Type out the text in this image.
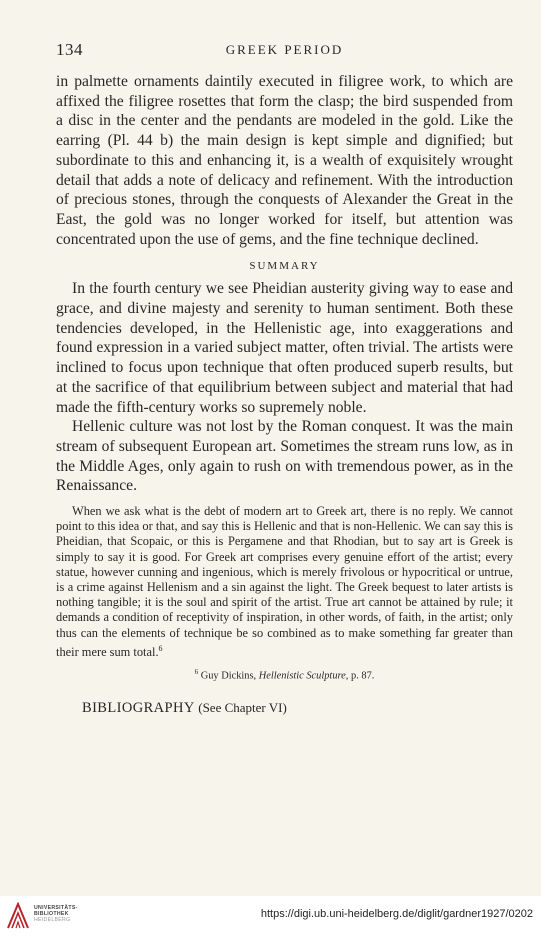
134	GREEK PERIOD

in palmette ornaments daintily executed in filigree work, to which are affixed the filigree rosettes that form the clasp; the bird suspended from a disc in the center and the pendants are modeled in the gold. Like the earring (Pl. 44 b) the main design is kept simple and dignified; but subordinate to this and enhancing it, is a wealth of exquisitely wrought detail that adds a note of delicacy and refinement. With the introduction of precious stones, through the conquests of Alexander the Great in the East, the gold was no longer worked for itself, but attention was concentrated upon the use of gems, and the fine technique declined.

SUMMARY

In the fourth century we see Pheidian austerity giving way to ease and grace, and divine majesty and serenity to human sentiment. Both these tendencies developed, in the Hellenistic age, into exaggerations and found expression in a varied subject matter, often trivial. The artists were inclined to focus upon technique that often produced superb results, but at the sacrifice of that equilibrium between subject and material that had made the fifth-century works so supremely noble.

Hellenic culture was not lost by the Roman conquest. It was the main stream of subsequent European art. Sometimes the stream runs low, as in the Middle Ages, only again to rush on with tremendous power, as in the Renaissance.

When we ask what is the debt of modern art to Greek art, there is no reply. We cannot point to this idea or that, and say this is Hellenic and that is non-Hellenic. We can say this is Pheidian, that Scopaic, or this is Pergamene and that Rhodian, but to say art is Greek is simply to say it is good. For Greek art comprises every genuine effort of the artist; every statue, however cunning and ingenious, which is merely frivolous or hypocritical or untrue, is a crime against Hellenism and a sin against the light. The Greek bequest to later artists is nothing tangible; it is the soul and spirit of the artist. True art cannot be attained by rule; it demands a condition of receptivity of inspiration, in other words, of faith, in the artist; only thus can the elements of technique be so combined as to make something far greater than their mere sum total.$^6$

$^6$ Guy Dickins, Hellenistic Sculpture, p. 87.
BIBLIOGRAPHY (See Chapter VI)
UNIVERSITÄTS-
BIBLIOTHEK
HEIDELBERG	https://digi.ub.uni-heidelberg.de/diglit/gardner1927/0202
